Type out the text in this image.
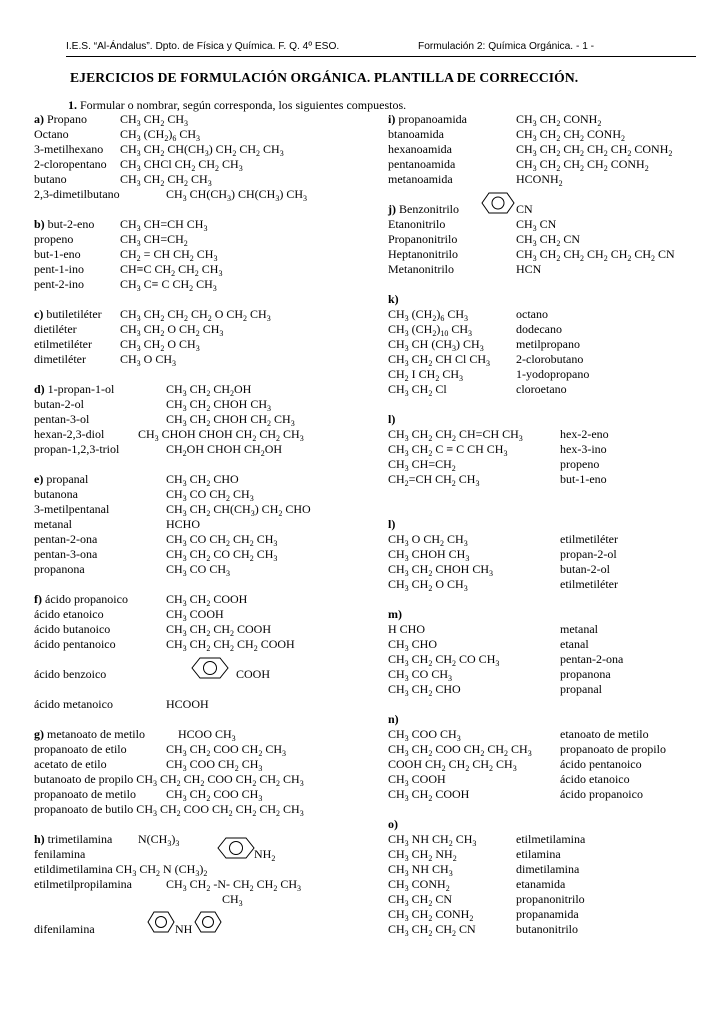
I.E.S. “Al-Ándalus”. Dpto. de Física y Química. F. Q. 4º ESO.	Formulación 2: Química Orgánica. - 1 -
EJERCICIOS DE FORMULACIÓN ORGÁNICA. PLANTILLA DE CORRECCIÓN.
1. Formular o nombrar, según corresponda, los siguientes compuestos.
a) Propano	$CH_3$ $CH_2$ $CH_3$
Octano	$CH_3$ $(CH_2)_6$ $CH_3$
3-metilhexano $CH_3$ $CH_2$ $CH(CH_3)$ $CH_2$ $CH_2$ $CH_3$
2-cloropentano $CH_3$ CHCl $CH_2$ $CH_2$ $CH_3$
butano	$CH_3$ $CH_2$ $CH_2$ $CH_3$
2,3-dimetilbutano	$CH_3$ $CH(CH_3)$ $CH(CH_3)$ $CH_3$
b) but-2-eno $CH_3$ CH=CH $CH_3$
propeno	$CH_3$ $CH=CH_2$
but-1-eno	$CH_2$ = CH $CH_2$ $CH_3$
pent-1-ino	CH≡C $CH_2$ $CH_2$ $CH_3$
pent-2-ino	$CH_3$ C≡ C $CH_2$ $CH_3$
c) butiletiléter $CH_3$ $CH_2$ $CH_2$ $CH_2$ O $CH_2$ $CH_3$
dietiléter	$CH_3$ $CH_2$ O $CH_2$ $CH_3$
etilmetiléter $CH_3$ $CH_2$ O $CH_3$
dimetiléter	$CH_3$ O $CH_3$
d) 1-propan-1-ol	$CH_3$ $CH_2$ $CH_2OH$
butan-2-ol	$CH_3$ $CH_2$ CHOH $CH_3$
pentan-3-ol	$CH_3$ $CH_2$ CHOH $CH_2$ $CH_3$
hexan-2,3-diol	$CH_3$ CHOH CHOH $CH_2$ $CH_2$ $CH_3$
propan-1,2,3-triol	$CH_2OH$ CHOH $CH_2OH$
e) propanal	$CH_3$ $CH_2$ CHO
butanona	$CH_3$ CO $CH_2$ $CH_3$
3-metilpentanal	$CH_3$ $CH_2$ $CH(CH_3)$ $CH_2$ CHO
metanal	HCHO
pentan-2-ona	$CH_3$ CO $CH_2$ $CH_2$ $CH_3$
pentan-3-ona	$CH_3$ $CH_2$ CO $CH_2$ $CH_3$
propanona	$CH_3$ CO $CH_3$
f) ácido propanoico	$CH_3$ $CH_2$ COOH
ácido etanoico	$CH_3$ COOH
ácido butanoico	$CH_3$ $CH_2$ $CH_2$ COOH
ácido pentanoico	$CH_3$ $CH_2$ $CH_2$ $CH_2$ COOH
ácido benzoico	COOH
ácido metanoico	HCOOH
g) metanoato de metilo	HCOO $CH_3$
propanoato de etilo	$CH_3$ $CH_2$ COO $CH_2$ $CH_3$
acetato de etilo	$CH_3$ COO $CH_2$ $CH_3$
butanoato de propilo $CH_3$ $CH_2$ $CH_2$ COO $CH_2$ $CH_2$ $CH_3$
propanoato de metilo	$CH_3$ $CH_2$ COO $CH_3$
propanoato de butilo $CH_3$ $CH_2$ COO $CH_2$ $CH_2$ $CH_2$ $CH_3$
h) trimetilamina $N(CH_3)_3$
fenilamina	$NH_2$
etildimetilamina $CH_3$ $CH_2$ N $(CH_3)_2$
etilmetilpropilamina	$CH_3$ $CH_2$ -N- $CH_2$ $CH_2$ $CH_3$
$CH_3$
difenilamina	NH
i) propanoamida	$CH_3$ $CH_2$ $CONH_2$
btanoamida	$CH_3$ $CH_2$ $CH_2$ $CONH_2$
hexanoamida	$CH_3$ $CH_2$ $CH_2$ $CH_2$ $CH_2$ $CONH_2$
pentanoamida	$CH_3$ $CH_2$ $CH_2$ $CH_2$ $CONH_2$
metanoamida	$HCONH_2$
j) Benzonitrilo	CN
Etanonitrilo	$CH_3$ CN
Propanonitrilo	$CH_3$ $CH_2$ CN
Heptanonitrilo	$CH_3$ $CH_2$ $CH_2$ $CH_2$ $CH_2$ $CH_2$ CN
Metanonitrilo	HCN
k)
$CH_3$ $(CH_2)_6$ $CH_3$	octano
$CH_3$ $(CH_2)_{10}$ $CH_3$	dodecano
$CH_3$ CH $(CH_3)$ $CH_3$	metilpropano
$CH_3$ $CH_2$ CH Cl $CH_3$ 2-clorobutano
$CH_2$ I $CH_2$ $CH_3$	1-yodopropano
$CH_3$ $CH_2$ Cl	cloroetano
l)
$CH_3$ $CH_2$ $CH_2$ CH=CH $CH_3$	hex-2-eno
$CH_3$ $CH_2$ C ≡ C CH $CH_3$	hex-3-ino
$CH_3$ $CH=CH_2$	propeno
$CH_2=CH$ $CH_2$ $CH_3$	but-1-eno
l)
$CH_3$ O $CH_2$ $CH_3$	etilmetiléter
$CH_3$ CHOH $CH_3$	propan-2-ol
$CH_3$ $CH_2$ CHOH $CH_3$	butan-2-ol
$CH_3$ $CH_2$ O $CH_3$	etilmetiléter
m)
H CHO	metanal
$CH_3$ CHO	etanal
$CH_3$ $CH_2$ $CH_2$ CO $CH_3$	pentan-2-ona
$CH_3$ CO $CH_3$	propanona
$CH_3$ $CH_2$ CHO	propanal
n)
$CH_3$ COO $CH_3$	etanoato de metilo
$CH_3$ $CH_2$ COO $CH_2$ $CH_2$ $CH_3$ propanoato de propilo
COOH $CH_2$ $CH_2$ $CH_2$ $CH_3$	ácido pentanoico
$CH_3$ COOH	ácido etanoico
$CH_3$ $CH_2$ COOH	ácido propanoico
o)
$CH_3$ NH $CH_2$ $CH_3$	etilmetilamina
$CH_3$ $CH_2$ $NH_2$	etilamina
$CH_3$ NH $CH_3$	dimetilamina
$CH_3$ $CONH_2$	etanamida
$CH_3$ $CH_2$ CN	propanonitrilo
$CH_3$ $CH_2$ $CONH_2$	propanamida
$CH_3$ $CH_2$ $CH_2$ CN	butanonitrilo
